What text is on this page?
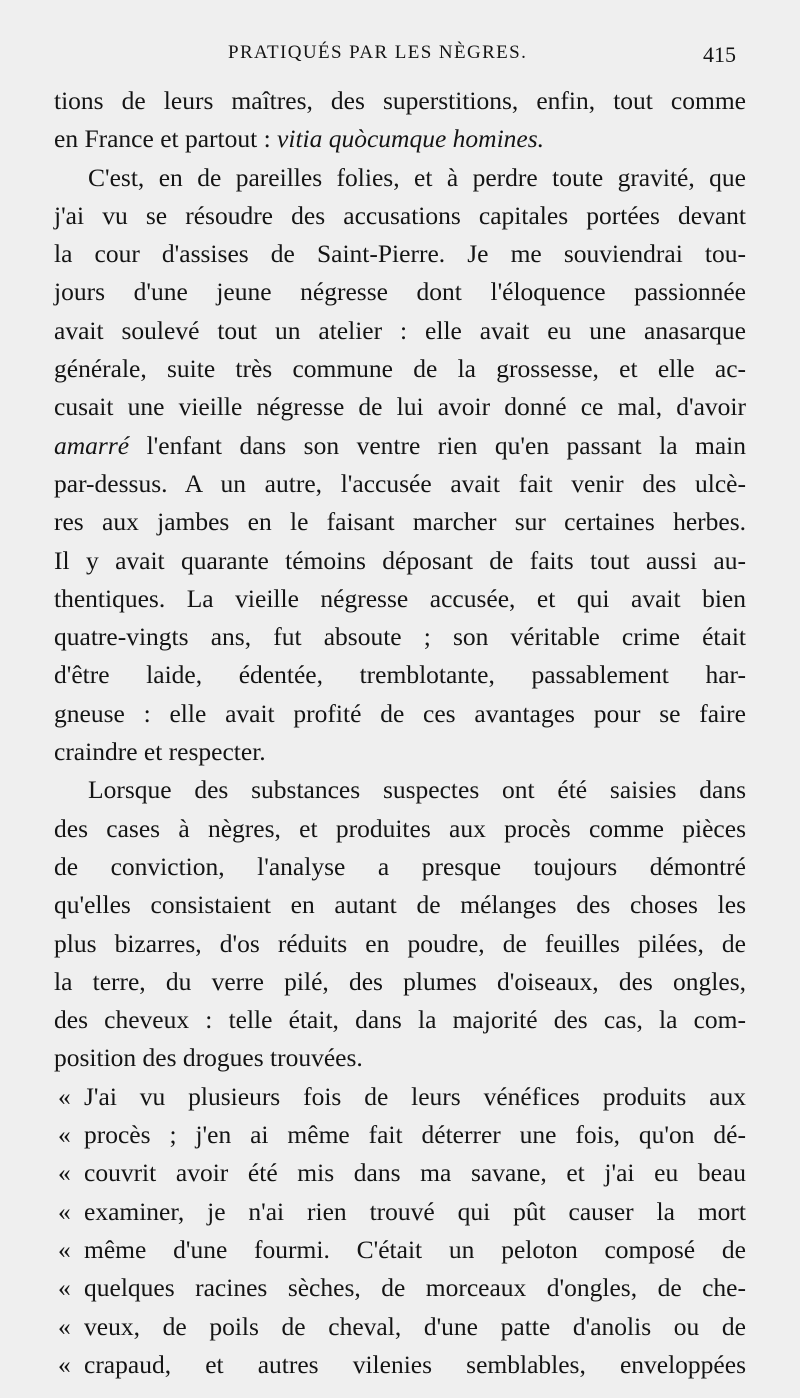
PRATIQUÉS PAR LES NÈGRES.	415
tions de leurs maîtres, des superstitions, enfin, tout comme
en France et partout : vitia quòcumque homines.
C'est, en de pareilles folies, et à perdre toute gravité, que
j'ai vu se résoudre des accusations capitales portées devant
la cour d'assises de Saint-Pierre. Je me souviendrai tou-
jours d'une jeune négresse dont l'éloquence passionnée
avait soulevé tout un atelier : elle avait eu une anasarque
générale, suite très commune de la grossesse, et elle ac-
cusait une vieille négresse de lui avoir donné ce mal, d'avoir
amarré l'enfant dans son ventre rien qu'en passant la main
par-dessus. A un autre, l'accusée avait fait venir des ulcè-
res aux jambes en le faisant marcher sur certaines herbes.
Il y avait quarante témoins déposant de faits tout aussi au-
thentiques. La vieille négresse accusée, et qui avait bien
quatre-vingts ans, fut absoute ; son véritable crime était
d'être laide, édentée, tremblotante, passablement har-
gneuse : elle avait profité de ces avantages pour se faire
craindre et respecter.
Lorsque des substances suspectes ont été saisies dans
des cases à nègres, et produites aux procès comme pièces
de conviction, l'analyse a presque toujours démontré
qu'elles consistaient en autant de mélanges des choses les
plus bizarres, d'os réduits en poudre, de feuilles pilées, de
la terre, du verre pilé, des plumes d'oiseaux, des ongles,
des cheveux : telle était, dans la majorité des cas, la com-
position des drogues trouvées.
« J'ai vu plusieurs fois de leurs vénéfices produits aux
« procès ; j'en ai même fait déterrer une fois, qu'on dé-
« couvrit avoir été mis dans ma savane, et j'ai eu beau
« examiner, je n'ai rien trouvé qui pût causer la mort
« même d'une fourmi. C'était un peloton composé de
« quelques racines sèches, de morceaux d'ongles, de che-
« veux, de poils de cheval, d'une patte d'anolis ou de
« crapaud, et autres vilenies semblables, enveloppées
